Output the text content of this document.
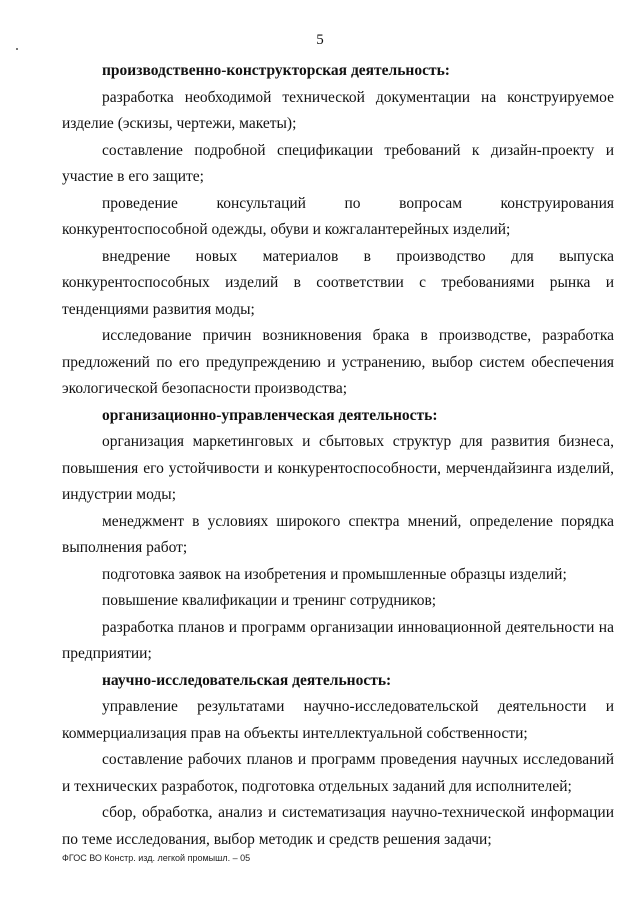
5

производственно-конструкторская деятельность:

разработка необходимой технической документации на конструируемое изделие (эскизы, чертежи, макеты);

составление подробной спецификации требований к дизайн-проекту и участие в его защите;

проведение консультаций по вопросам конструирования конкурентоспособной одежды, обуви и кожгалантерейных изделий;

внедрение новых материалов в производство для выпуска конкурентоспособных изделий в соответствии с требованиями рынка и тенденциями развития моды;

исследование причин возникновения брака в производстве, разработка предложений по его предупреждению и устранению, выбор систем обеспечения экологической безопасности производства;

организационно-управленческая деятельность:

организация маркетинговых и сбытовых структур для развития бизнеса, повышения его устойчивости и конкурентоспособности, мерчендайзинга изделий, индустрии моды;

менеджмент в условиях широкого спектра мнений, определение порядка выполнения работ;

подготовка заявок на изобретения и промышленные образцы изделий;

повышение квалификации и тренинг сотрудников;

разработка планов и программ организации инновационной деятельности на предприятии;

научно-исследовательская деятельность:

управление результатами научно-исследовательской деятельности и коммерциализация прав на объекты интеллектуальной собственности;

составление рабочих планов и программ проведения научных исследований и технических разработок, подготовка отдельных заданий для исполнителей;

сбор, обработка, анализ и систематизация научно-технической информации по теме исследования, выбор методик и средств решения задачи;

ФГОС ВО Констр. изд. легкой промышл. – 05
